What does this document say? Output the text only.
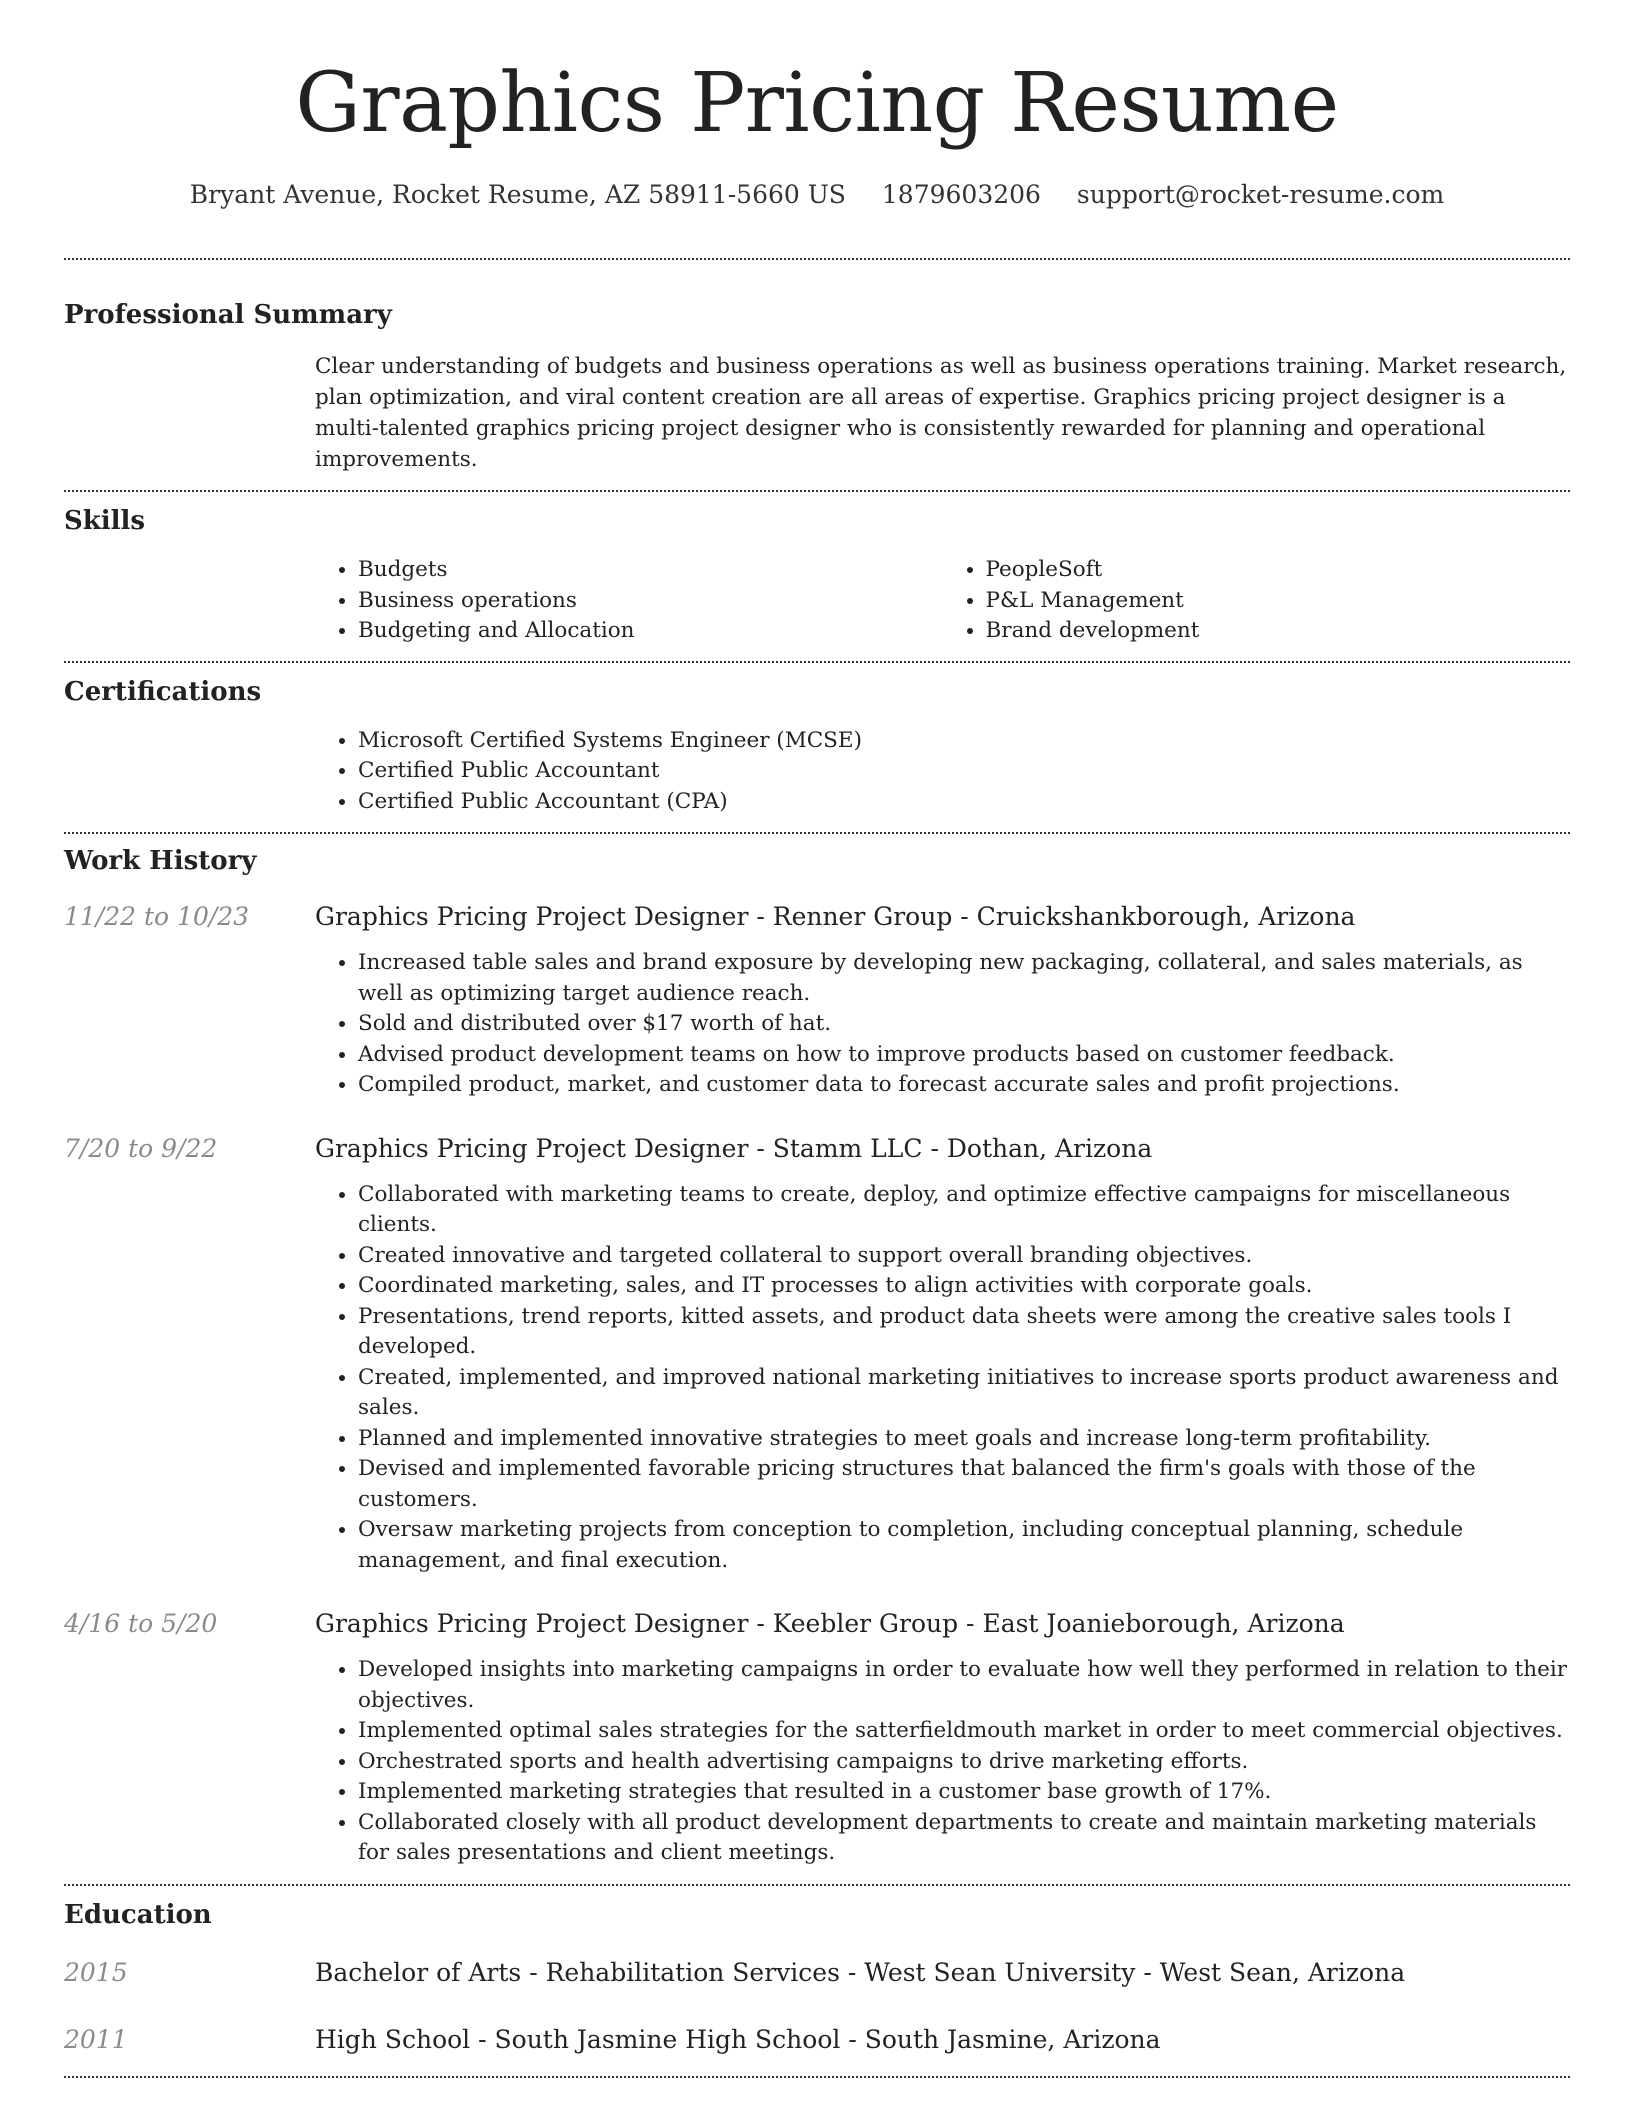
Graphics Pricing Resume
Bryant Avenue, Rocket Resume, AZ 58911-5660 US 1879603206 support@rocket-resume.com
Professional Summary
Clear understanding of budgets and business operations as well as business operations training. Market research, plan optimization, and viral content creation are all areas of expertise. Graphics pricing project designer is a multi-talented graphics pricing project designer who is consistently rewarded for planning and operational improvements.
Skills
• Budgets
• Business operations
• Budgeting and Allocation
• PeopleSoft
• P&L Management
• Brand development
Certifications
• Microsoft Certified Systems Engineer (MCSE)
• Certified Public Accountant
• Certified Public Accountant (CPA)
Work History
11/22 to 10/23	Graphics Pricing Project Designer - Renner Group - Cruickshankborough, Arizona
• Increased table sales and brand exposure by developing new packaging, collateral, and sales materials, as well as optimizing target audience reach.
• Sold and distributed over $17 worth of hat.
• Advised product development teams on how to improve products based on customer feedback.
• Compiled product, market, and customer data to forecast accurate sales and profit projections.
7/20 to 9/22	Graphics Pricing Project Designer - Stamm LLC - Dothan, Arizona
• Collaborated with marketing teams to create, deploy, and optimize effective campaigns for miscellaneous clients.
• Created innovative and targeted collateral to support overall branding objectives.
• Coordinated marketing, sales, and IT processes to align activities with corporate goals.
• Presentations, trend reports, kitted assets, and product data sheets were among the creative sales tools I developed.
• Created, implemented, and improved national marketing initiatives to increase sports product awareness and sales.
• Planned and implemented innovative strategies to meet goals and increase long-term profitability.
• Devised and implemented favorable pricing structures that balanced the firm's goals with those of the customers.
• Oversaw marketing projects from conception to completion, including conceptual planning, schedule management, and final execution.
4/16 to 5/20	Graphics Pricing Project Designer - Keebler Group - East Joanieborough, Arizona
• Developed insights into marketing campaigns in order to evaluate how well they performed in relation to their objectives.
• Implemented optimal sales strategies for the satterfieldmouth market in order to meet commercial objectives.
• Orchestrated sports and health advertising campaigns to drive marketing efforts.
• Implemented marketing strategies that resulted in a customer base growth of 17%.
• Collaborated closely with all product development departments to create and maintain marketing materials for sales presentations and client meetings.
Education
2015	Bachelor of Arts - Rehabilitation Services - West Sean University - West Sean, Arizona
2011	High School - South Jasmine High School - South Jasmine, Arizona
